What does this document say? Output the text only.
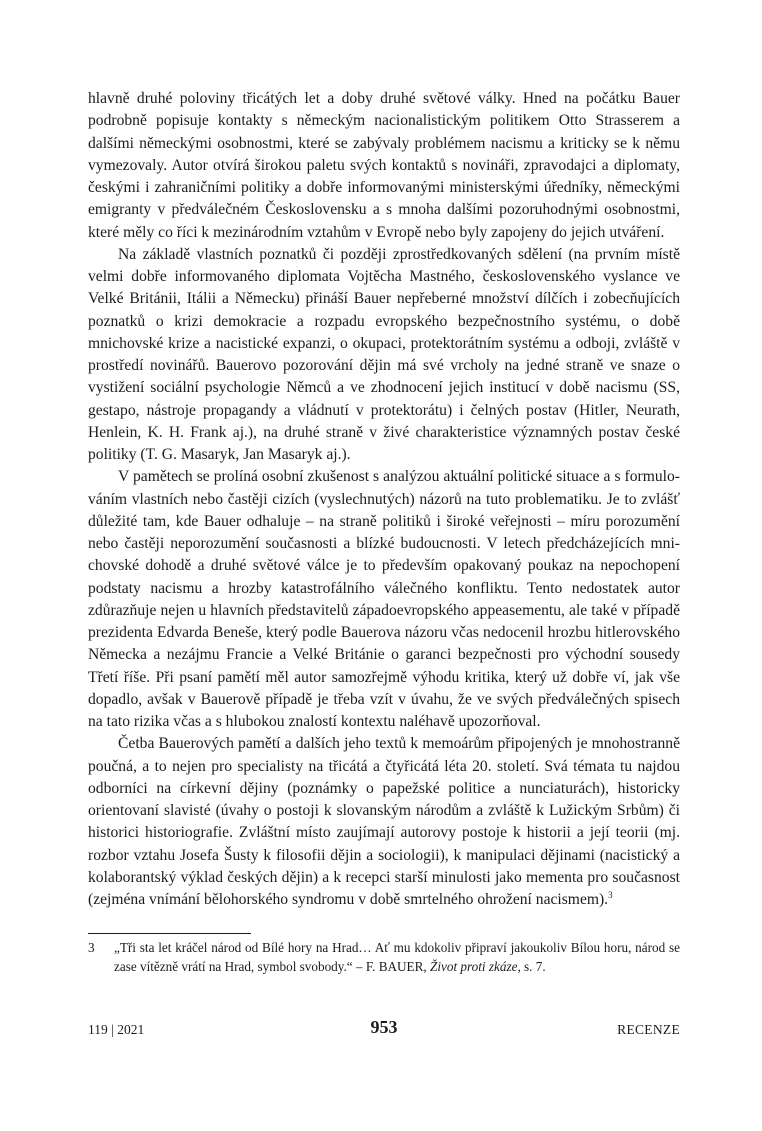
hlavně druhé poloviny třicátých let a doby druhé světové války. Hned na počátku Bauer podrobně popisuje kontakty s německým nacionalistickým politikem Otto Strasserem a dalšími německými osobnostmi, které se zabývaly problémem nacismu a kriticky se k němu vymezovaly. Autor otvírá širokou paletu svých kontaktů s novináři, zpravodajci a diplomaty, českými i zahraničními politiky a dobře informovanými ministerskými úředníky, německými emigranty v předválečném Československu a s mnoha dalšími pozoruhodnými osobnostmi, které měly co říci k mezinárodním vztahům v Evropě nebo byly zapojeny do jejich utváření.

Na základě vlastních poznatků či později zprostředkovaných sdělení (na prvním místě velmi dobře informovaného diplomata Vojtěcha Mastného, československého vyslance ve Velké Británii, Itálii a Německu) přináší Bauer nepřeberné množství dílčích i zobecňujících poznatků o krizi demokracie a rozpadu evropského bezpečnostního systému, o době mnichovské krize a nacistické expanzi, o okupaci, protektorátním systému a odboji, zvláště v prostředí novinářů. Bauerovo pozorování dějin má své vrcholy na jedné straně ve snaze o vystižení sociální psychologie Němců a ve zhodnocení jejich institucí v době nacismu (SS, gestapo, nástroje propagandy a vládnutí v protektorátu) i čelných postav (Hitler, Neurath, Henlein, K. H. Frank aj.), na druhé straně v živé charakteristice významných postav české politiky (T. G. Masaryk, Jan Masaryk aj.).

V pamětech se prolíná osobní zkušenost s analýzou aktuální politické situace a s formulováním vlastních nebo častěji cizích (vyslechnutých) názorů na tuto problematiku. Je to zvlášť důležité tam, kde Bauer odhaluje – na straně politiků i široké veřejnosti – míru porozumění nebo častěji neporozumění současnosti a blízké budoucnosti. V letech předcházejících mnichovské dohodě a druhé světové válce je to především opakovaný poukaz na nepochopení podstaty nacismu a hrozby katastrofálního válečného konfliktu. Tento nedostatek autor zdůrazňuje nejen u hlavních představitelů západoevropského appeasementu, ale také v případě prezidenta Edvarda Beneše, který podle Bauerova názoru včas nedocenil hrozbu hitlerovského Německa a nezájmu Francie a Velké Británie o garanci bezpečnosti pro východní sousedy Třetí říše. Při psaní pamětí měl autor samozřejmě výhodu kritika, který už dobře ví, jak vše dopadlo, avšak v Bauerově případě je třeba vzít v úvahu, že ve svých předválečných spisech na tato rizika včas a s hlubokou znalostí kontextu naléhavě upozorňoval.

Četba Bauerových pamětí a dalších jeho textů k memoárům připojených je mnohostranně poučná, a to nejen pro specialisty na třicátá a čtyřicátá léta 20. století. Svá témata tu najdou odborníci na církevní dějiny (poznámky o papežské politice a nunciaturách), historicky orientovaní slavisté (úvahy o postoji k slovanským národům a zvláště k Lužickým Srbům) či historici historiografie. Zvláštní místo zaujímají autorovy postoje k historii a její teorii (mj. rozbor vztahu Josefa Šusty k filosofii dějin a sociologii), k manipulaci dějinami (nacistický a kolaborantský výklad českých dějin) a k recepci starší minulosti jako mementa pro současnost (zejména vnímání bělohorského syndromu v době smrtelného ohrožení nacismem).$^3$

3	„Tři sta let kráčel národ od Bílé hory na Hrad… Ať mu kdokoliv připraví jakoukoliv Bílou horu, národ se zase vítězně vrátí na Hrad, symbol svobody.“ – F. BAUER, Život proti zkáze, s. 7.
119 | 2021	953	RECENZE
